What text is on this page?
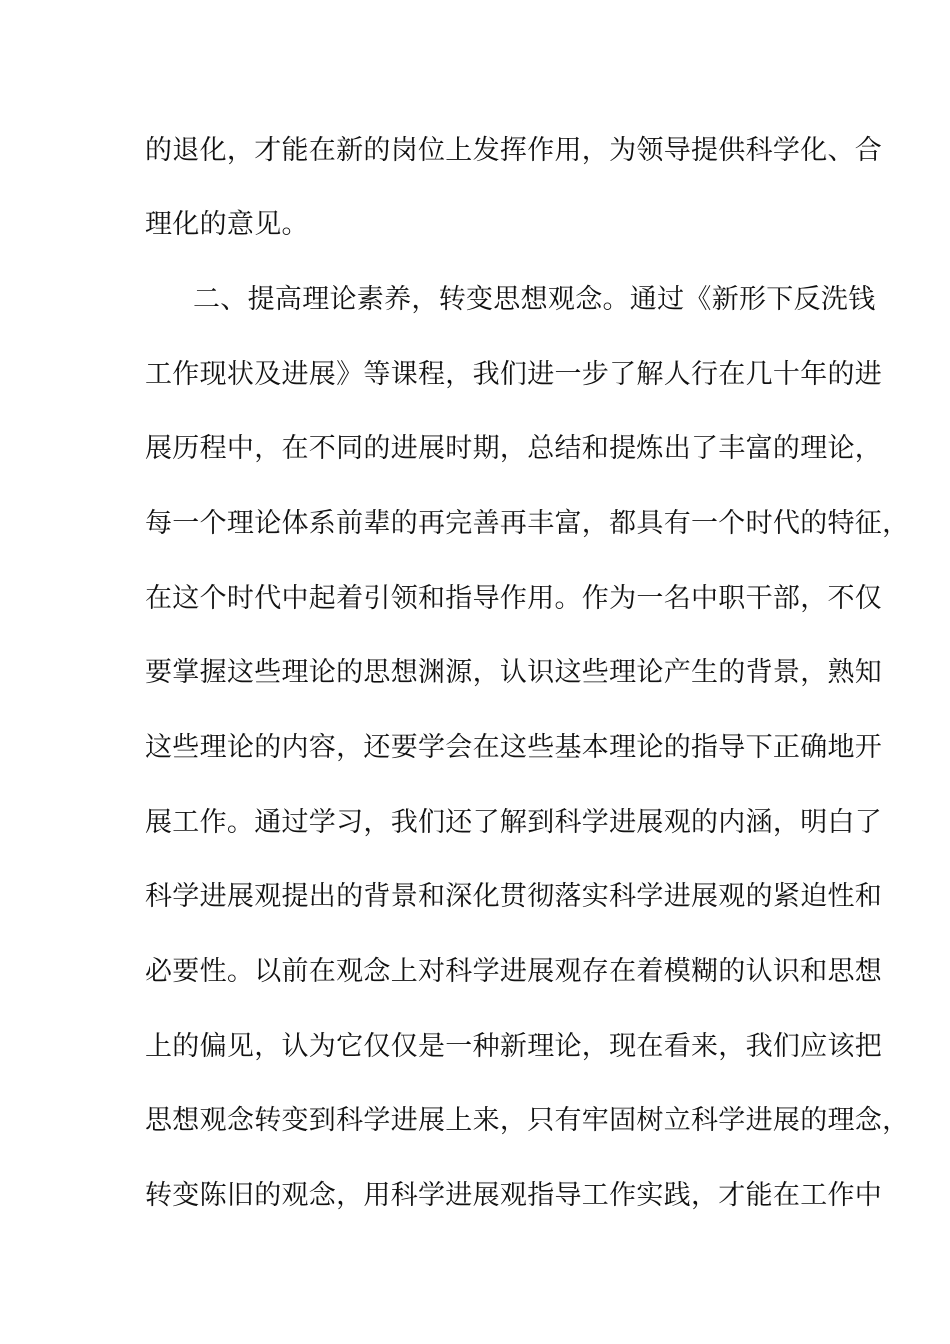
的退化，才能在新的岗位上发挥作用，为领导提供科学化、合
理化的意见。
二、提高理论素养，转变思想观念。通过《新形下反洗钱
工作现状及进展》等课程，我们进一步了解人行在几十年的进
展历程中，在不同的进展时期，总结和提炼出了丰富的理论，
每一个理论体系前辈的再完善再丰富，都具有一个时代的特征，
在这个时代中起着引领和指导作用。作为一名中职干部，不仅
要掌握这些理论的思想渊源，认识这些理论产生的背景，熟知
这些理论的内容，还要学会在这些基本理论的指导下正确地开
展工作。通过学习，我们还了解到科学进展观的内涵，明白了
科学进展观提出的背景和深化贯彻落实科学进展观的紧迫性和
必要性。以前在观念上对科学进展观存在着模糊的认识和思想
上的偏见，认为它仅仅是一种新理论，现在看来，我们应该把
思想观念转变到科学进展上来，只有牢固树立科学进展的理念，
转变陈旧的观念，用科学进展观指导工作实践，才能在工作中
